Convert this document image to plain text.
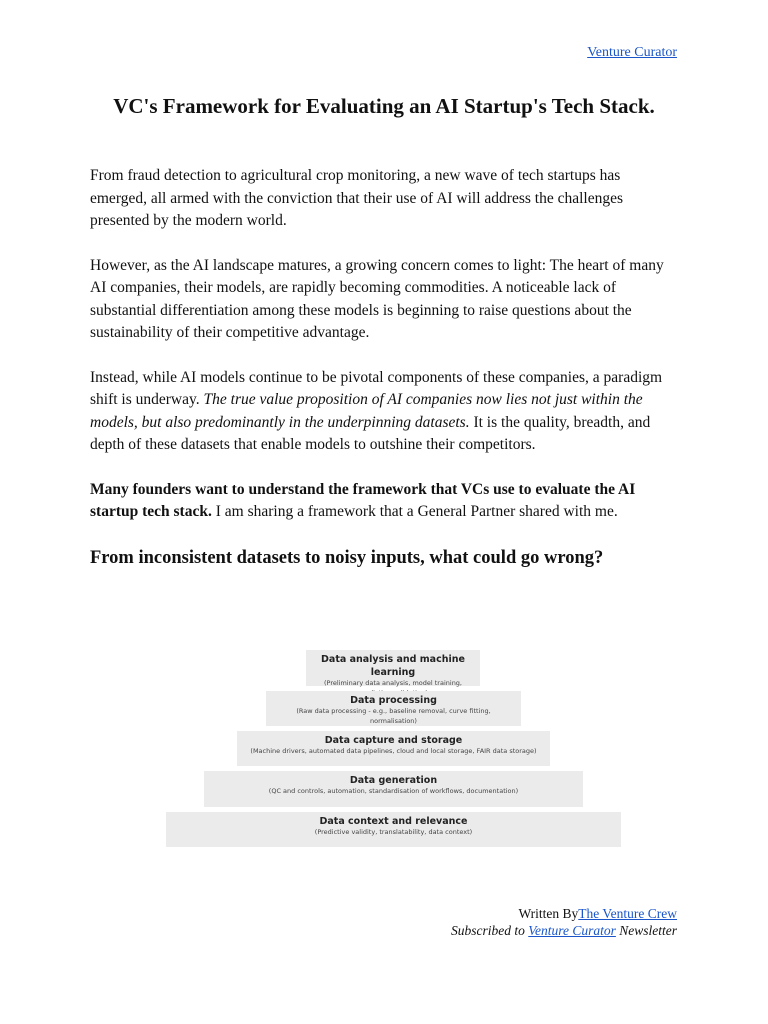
Venture Curator
VC's Framework for Evaluating an AI Startup's Tech Stack.

From fraud detection to agricultural crop monitoring, a new wave of tech startups has emerged, all armed with the conviction that their use of AI will address the challenges presented by the modern world.

However, as the AI landscape matures, a growing concern comes to light: The heart of many AI companies, their models, are rapidly becoming commodities. A noticeable lack of substantial differentiation among these models is beginning to raise questions about the sustainability of their competitive advantage.

Instead, while AI models continue to be pivotal components of these companies, a paradigm shift is underway. The true value proposition of AI companies now lies not just within the models, but also predominantly in the underpinning datasets. It is the quality, breadth, and depth of these datasets that enable models to outshine their competitors.

Many founders want to understand the framework that VCs use to evaluate the AI startup tech stack. I am sharing a framework that a General Partner shared with me.

From inconsistent datasets to noisy inputs, what could go wrong?
Data analysis and machine learning
(Preliminary data analysis, model training,
Data processing
(Raw data processing - e.g., baseline removal, curve fitting, normalisation)
Data capture and storage
(Machine drivers, automated data pipelines, cloud and local storage, FAIR data storage)
Data generation
(QC and controls, automation, standardisation of workflows, documentation)
Data context and relevance
(Predictive validity, translatability, data context)
Written ByThe Venture Crew
Subscribed to Venture Curator Newsletter
